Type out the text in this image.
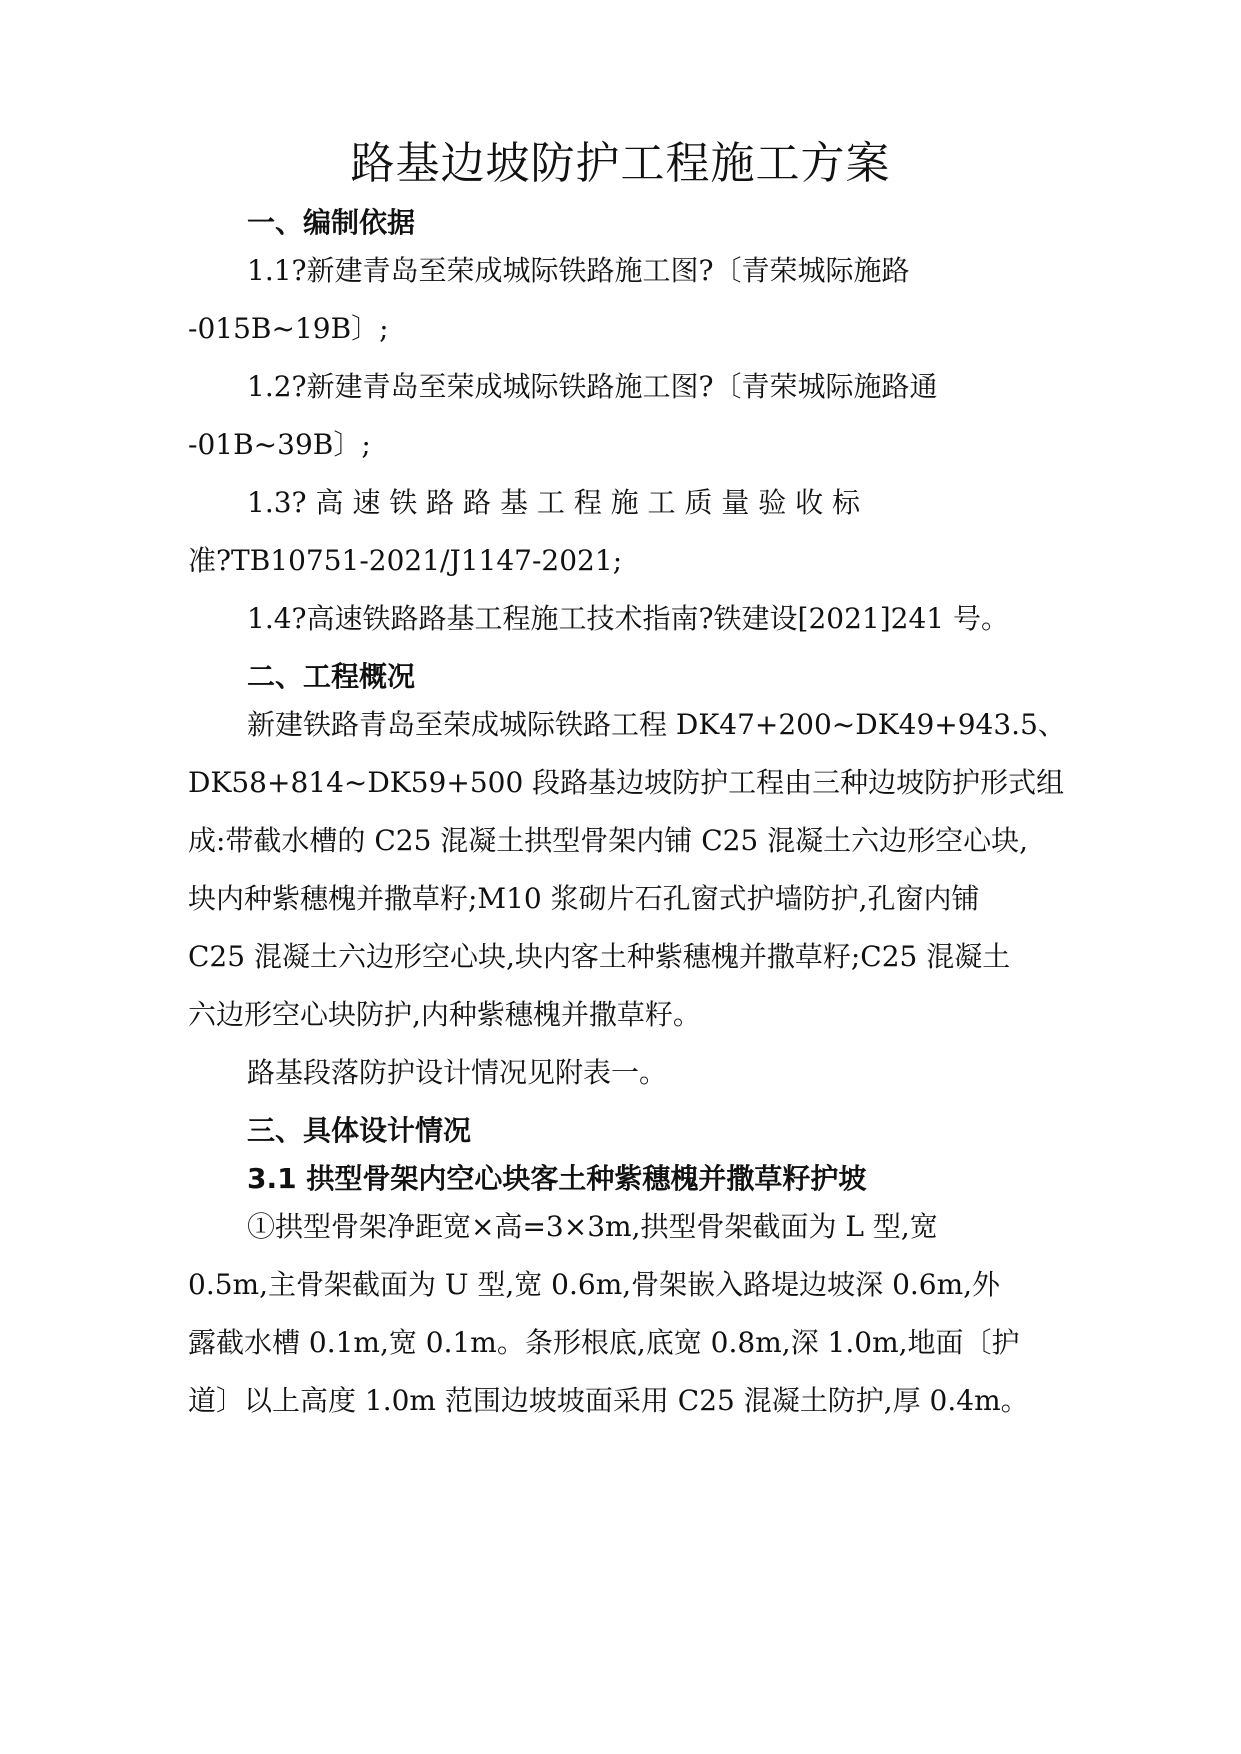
路基边坡防护工程施工方案
一、编制依据
1.1?新建青岛至荣成城际铁路施工图?〔青荣城际施路
-015B~19B〕;
1.2?新建青岛至荣成城际铁路施工图?〔青荣城际施路通
-01B~39B〕;
1.3? 高 速 铁 路 路 基 工 程 施 工 质 量 验 收 标
准?TB10751-2021/J1147-2021;
1.4?高速铁路路基工程施工技术指南?铁建设[2021]241 号。
二、工程概况
新建铁路青岛至荣成城际铁路工程 DK47+200~DK49+943.5、
DK58+814~DK59+500 段路基边坡防护工程由三种边坡防护形式组
成:带截水槽的 C25 混凝土拱型骨架内铺 C25 混凝土六边形空心块,
块内种紫穗槐并撒草籽;M10 浆砌片石孔窗式护墙防护,孔窗内铺
C25 混凝土六边形空心块,块内客土种紫穗槐并撒草籽;C25 混凝土
六边形空心块防护,内种紫穗槐并撒草籽。
路基段落防护设计情况见附表一。
三、具体设计情况
3.1 拱型骨架内空心块客土种紫穗槐并撒草籽护坡
①拱型骨架净距宽×高=3×3m,拱型骨架截面为 L 型,宽
0.5m,主骨架截面为 U 型,宽 0.6m,骨架嵌入路堤边坡深 0.6m,外
露截水槽 0.1m,宽 0.1m。条形根底,底宽 0.8m,深 1.0m,地面〔护
道〕以上高度 1.0m 范围边坡坡面采用 C25 混凝土防护,厚 0.4m。
